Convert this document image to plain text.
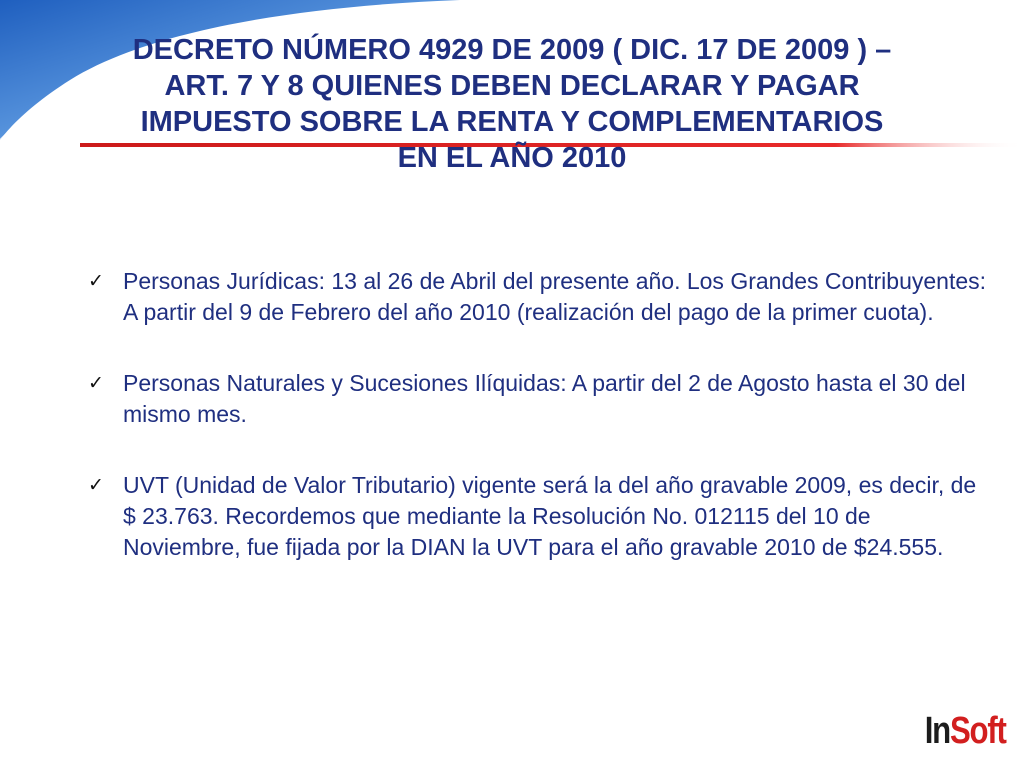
DECRETO NÚMERO 4929 DE 2009 ( DIC. 17 DE 2009 ) –
ART. 7 Y 8 QUIENES DEBEN DECLARAR Y PAGAR
IMPUESTO SOBRE LA RENTA Y COMPLEMENTARIOS
EN EL AÑO 2010
✓ Personas Jurídicas: 13 al 26 de Abril del presente año. Los Grandes Contribuyentes: A partir del 9 de Febrero del año 2010 (realización del pago de la primer cuota).
✓ Personas Naturales y Sucesiones Ilíquidas: A partir del 2 de Agosto hasta el 30 del mismo mes.
✓ UVT (Unidad de Valor Tributario) vigente será la del año gravable 2009, es decir, de $ 23.763. Recordemos que mediante la Resolución No. 012115 del 10 de Noviembre, fue fijada por la DIAN la UVT para el año gravable 2010 de $24.555.
InSoft
